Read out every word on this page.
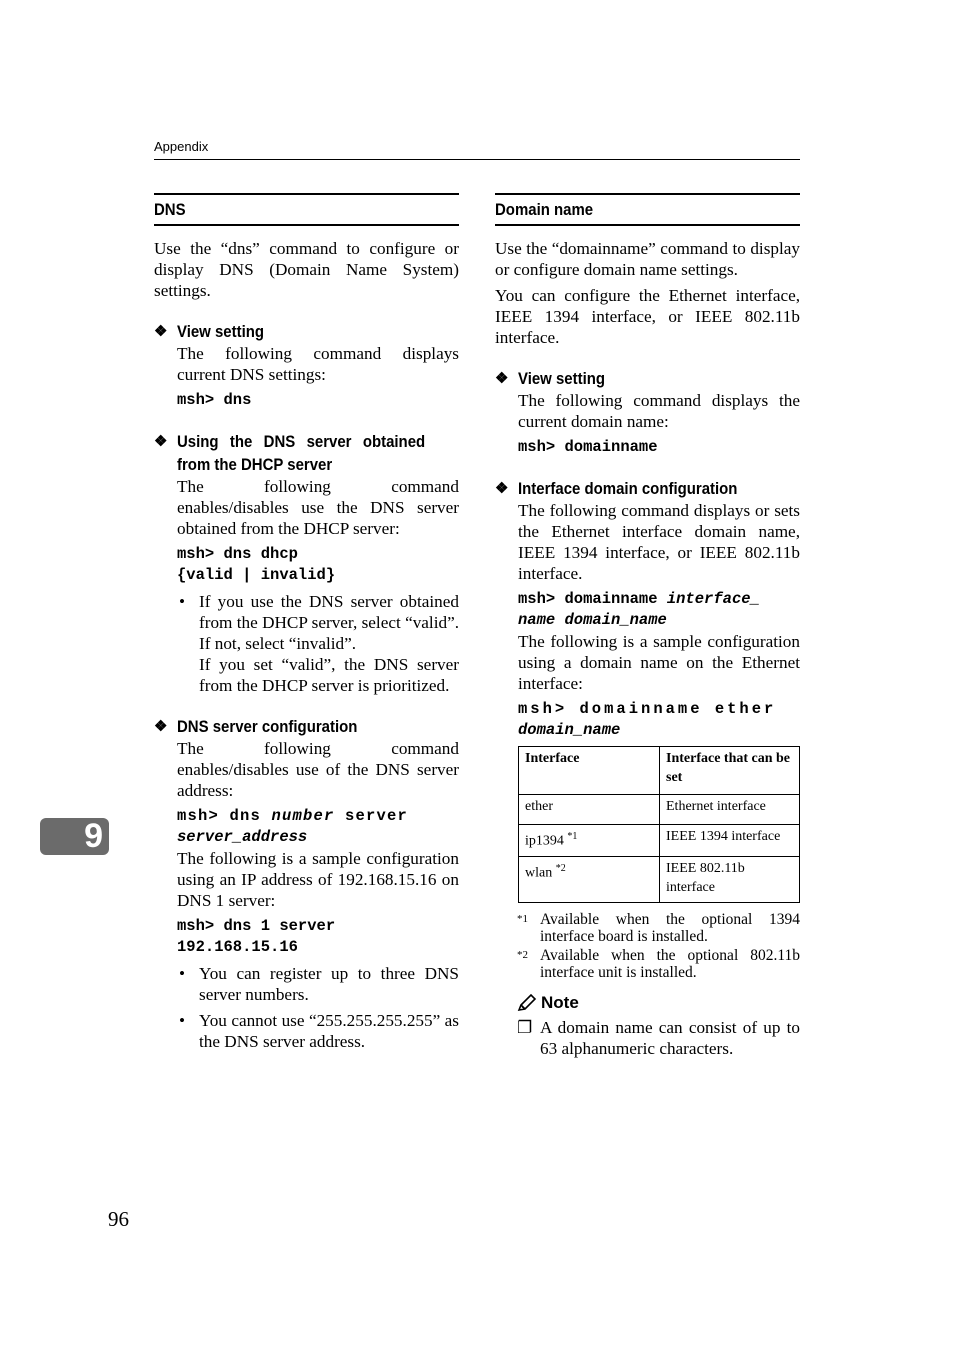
Appendix
DNS

Use the “dns” command to configure or display DNS (Domain Name System) settings.

❖ View setting

The following command displays current DNS settings:

msh> dns
❖ Using the DNS server obtained from the DHCP server

The following command enables/disables use the DNS server obtained from the DHCP server:

msh> dns dhcp
{valid | invalid}
• If you use the DNS server obtained from the DHCP server, select “valid”. If not, select “invalid”.
If you set “valid”, the DNS server from the DHCP server is prioritized.
❖ DNS server configuration

The following command enables/disables use of the DNS server address:

msh> dns number server
server_address

The following is a sample configuration using an IP address of 192.168.15.16 on DNS 1 server:

msh> dns 1 server
192.168.15.16
• You can register up to three DNS server numbers.
• You cannot use “255.255.255.255” as the DNS server address.
Domain name

Use the “domainname” command to display or configure domain name settings.

You can configure the Ethernet interface, IEEE 1394 interface, or IEEE 802.11b interface.

❖ View setting

The following command displays the current domain name:

msh> domainname
❖ Interface domain configuration

The following command displays or sets the Ethernet interface domain name, IEEE 1394 interface, or IEEE 802.11b interface.

msh> domainname interface_
name domain_name

The following is a sample configuration using a domain name on the Ethernet interface:

msh> domainname ether
domain_name
Interface	Interface that can be set
ether	Ethernet interface
ip1394 $^{*1}$	IEEE 1394 interface
wlan $^{*2}$	IEEE 802.11b interface
*1 Available when the optional 1394 interface board is installed.
*2 Available when the optional 802.11b interface unit is installed.
Note
❐ A domain name can consist of up to 63 alphanumeric characters.
9
96
